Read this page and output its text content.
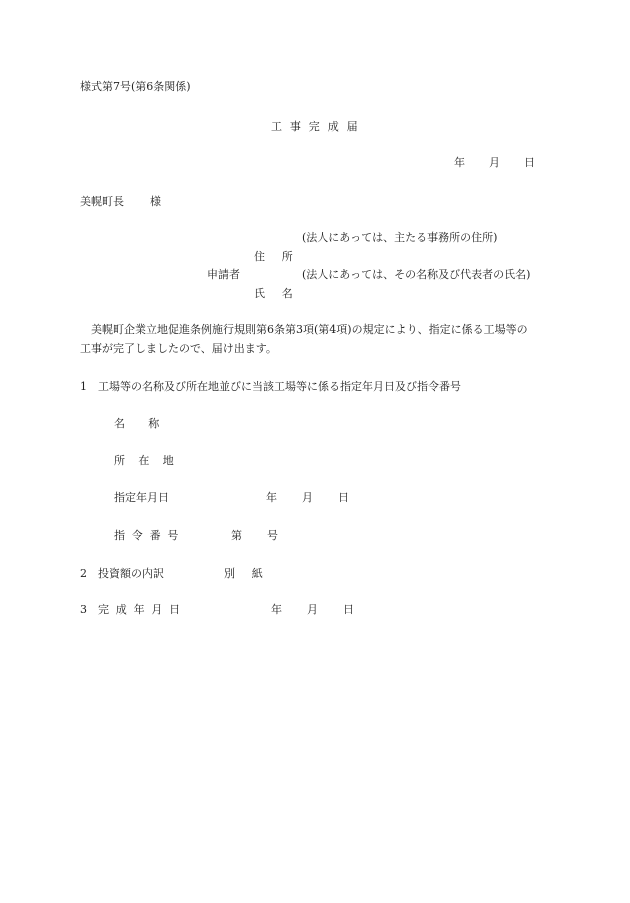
様式第7号(第6条関係)
工 事 完 成 届
年 月 日
美幌町長 様
(法人にあっては、主たる事務所の住所)
住 所
申請者	(法人にあっては、その名称及び代表者の氏名)
氏 名
美幌町企業立地促進条例施行規則第6条第3項(第4項)の規定により、指定に係る工場等の
工事が完了しましたので、届け出ます。
1 工場等の名称及び所在地並びに当該工場等に係る指定年月日及び指令番号
名 称
所 在 地
指定年月日	年 月 日
指 令 番 号	第 号
2 投資額の内訳	別 紙
3 完 成 年 月 日	年 月 日
